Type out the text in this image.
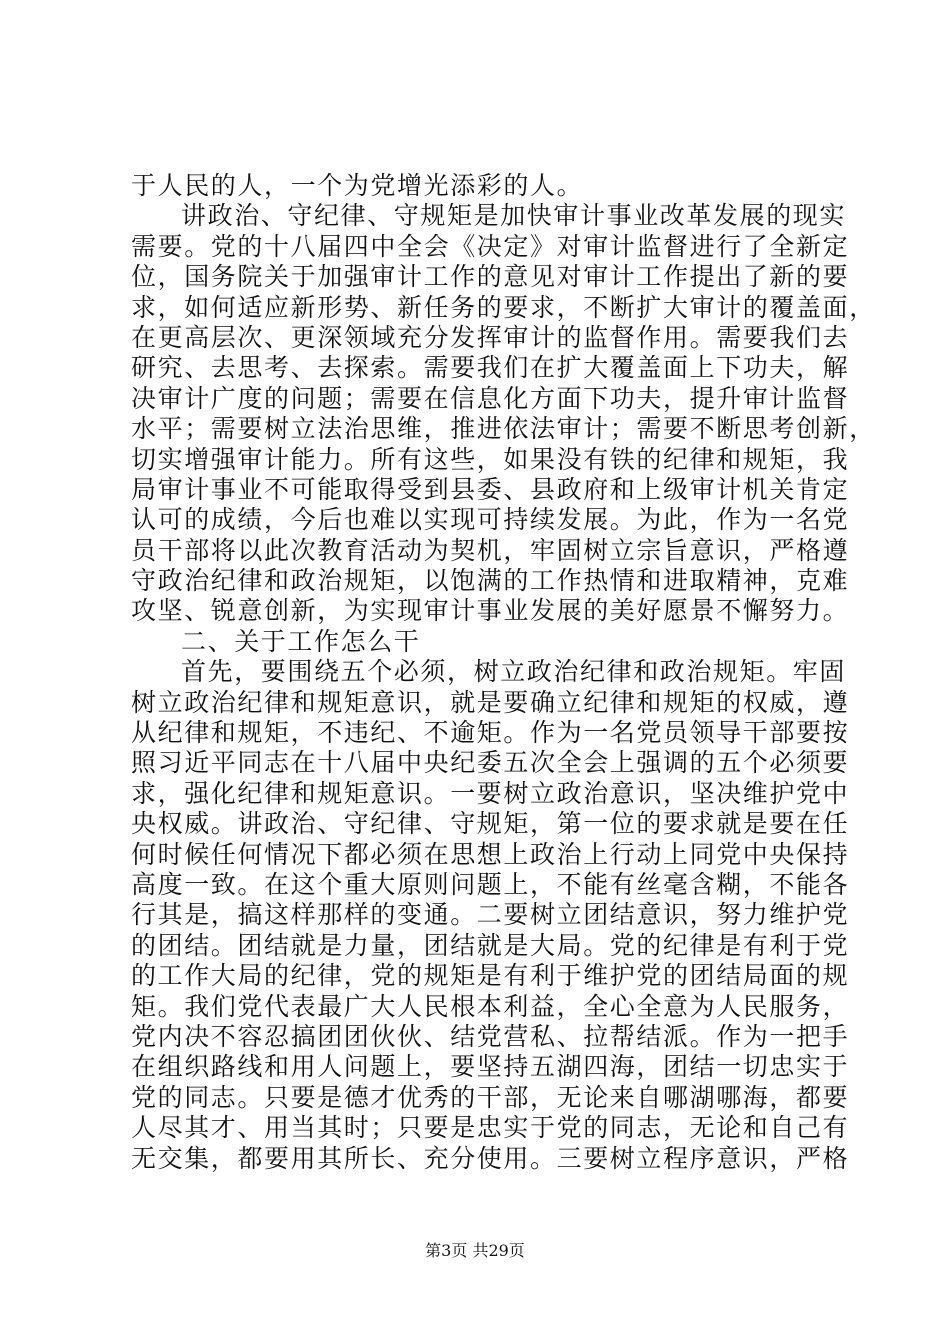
于人民的人，一个为党增光添彩的人。
讲政治、守纪律、守规矩是加快审计事业改革发展的现实
需要。党的十八届四中全会《决定》对审计监督进行了全新定
位，国务院关于加强审计工作的意见对审计工作提出了新的要
求，如何适应新形势、新任务的要求，不断扩大审计的覆盖面，
在更高层次、更深领域充分发挥审计的监督作用。需要我们去
研究、去思考、去探索。需要我们在扩大覆盖面上下功夫，解
决审计广度的问题；需要在信息化方面下功夫，提升审计监督
水平；需要树立法治思维，推进依法审计；需要不断思考创新，
切实增强审计能力。所有这些，如果没有铁的纪律和规矩，我
局审计事业不可能取得受到县委、县政府和上级审计机关肯定
认可的成绩，今后也难以实现可持续发展。为此，作为一名党
员干部将以此次教育活动为契机，牢固树立宗旨意识，严格遵
守政治纪律和政治规矩，以饱满的工作热情和进取精神，克难
攻坚、锐意创新，为实现审计事业发展的美好愿景不懈努力。
二、关于工作怎么干
首先，要围绕五个必须，树立政治纪律和政治规矩。牢固
树立政治纪律和规矩意识，就是要确立纪律和规矩的权威，遵
从纪律和规矩，不违纪、不逾矩。作为一名党员领导干部要按
照习近平同志在十八届中央纪委五次全会上强调的五个必须要
求，强化纪律和规矩意识。一要树立政治意识，坚决维护党中
央权威。讲政治、守纪律、守规矩，第一位的要求就是要在任
何时候任何情况下都必须在思想上政治上行动上同党中央保持
高度一致。在这个重大原则问题上，不能有丝毫含糊，不能各
行其是，搞这样那样的变通。二要树立团结意识，努力维护党
的团结。团结就是力量，团结就是大局。党的纪律是有利于党
的工作大局的纪律，党的规矩是有利于维护党的团结局面的规
矩。我们党代表最广大人民根本利益，全心全意为人民服务，
党内决不容忍搞团团伙伙、结党营私、拉帮结派。作为一把手
在组织路线和用人问题上，要坚持五湖四海，团结一切忠实于
党的同志。只要是德才优秀的干部，无论来自哪湖哪海，都要
人尽其才、用当其时；只要是忠实于党的同志，无论和自己有
无交集，都要用其所长、充分使用。三要树立程序意识，严格
第3页 共29页
